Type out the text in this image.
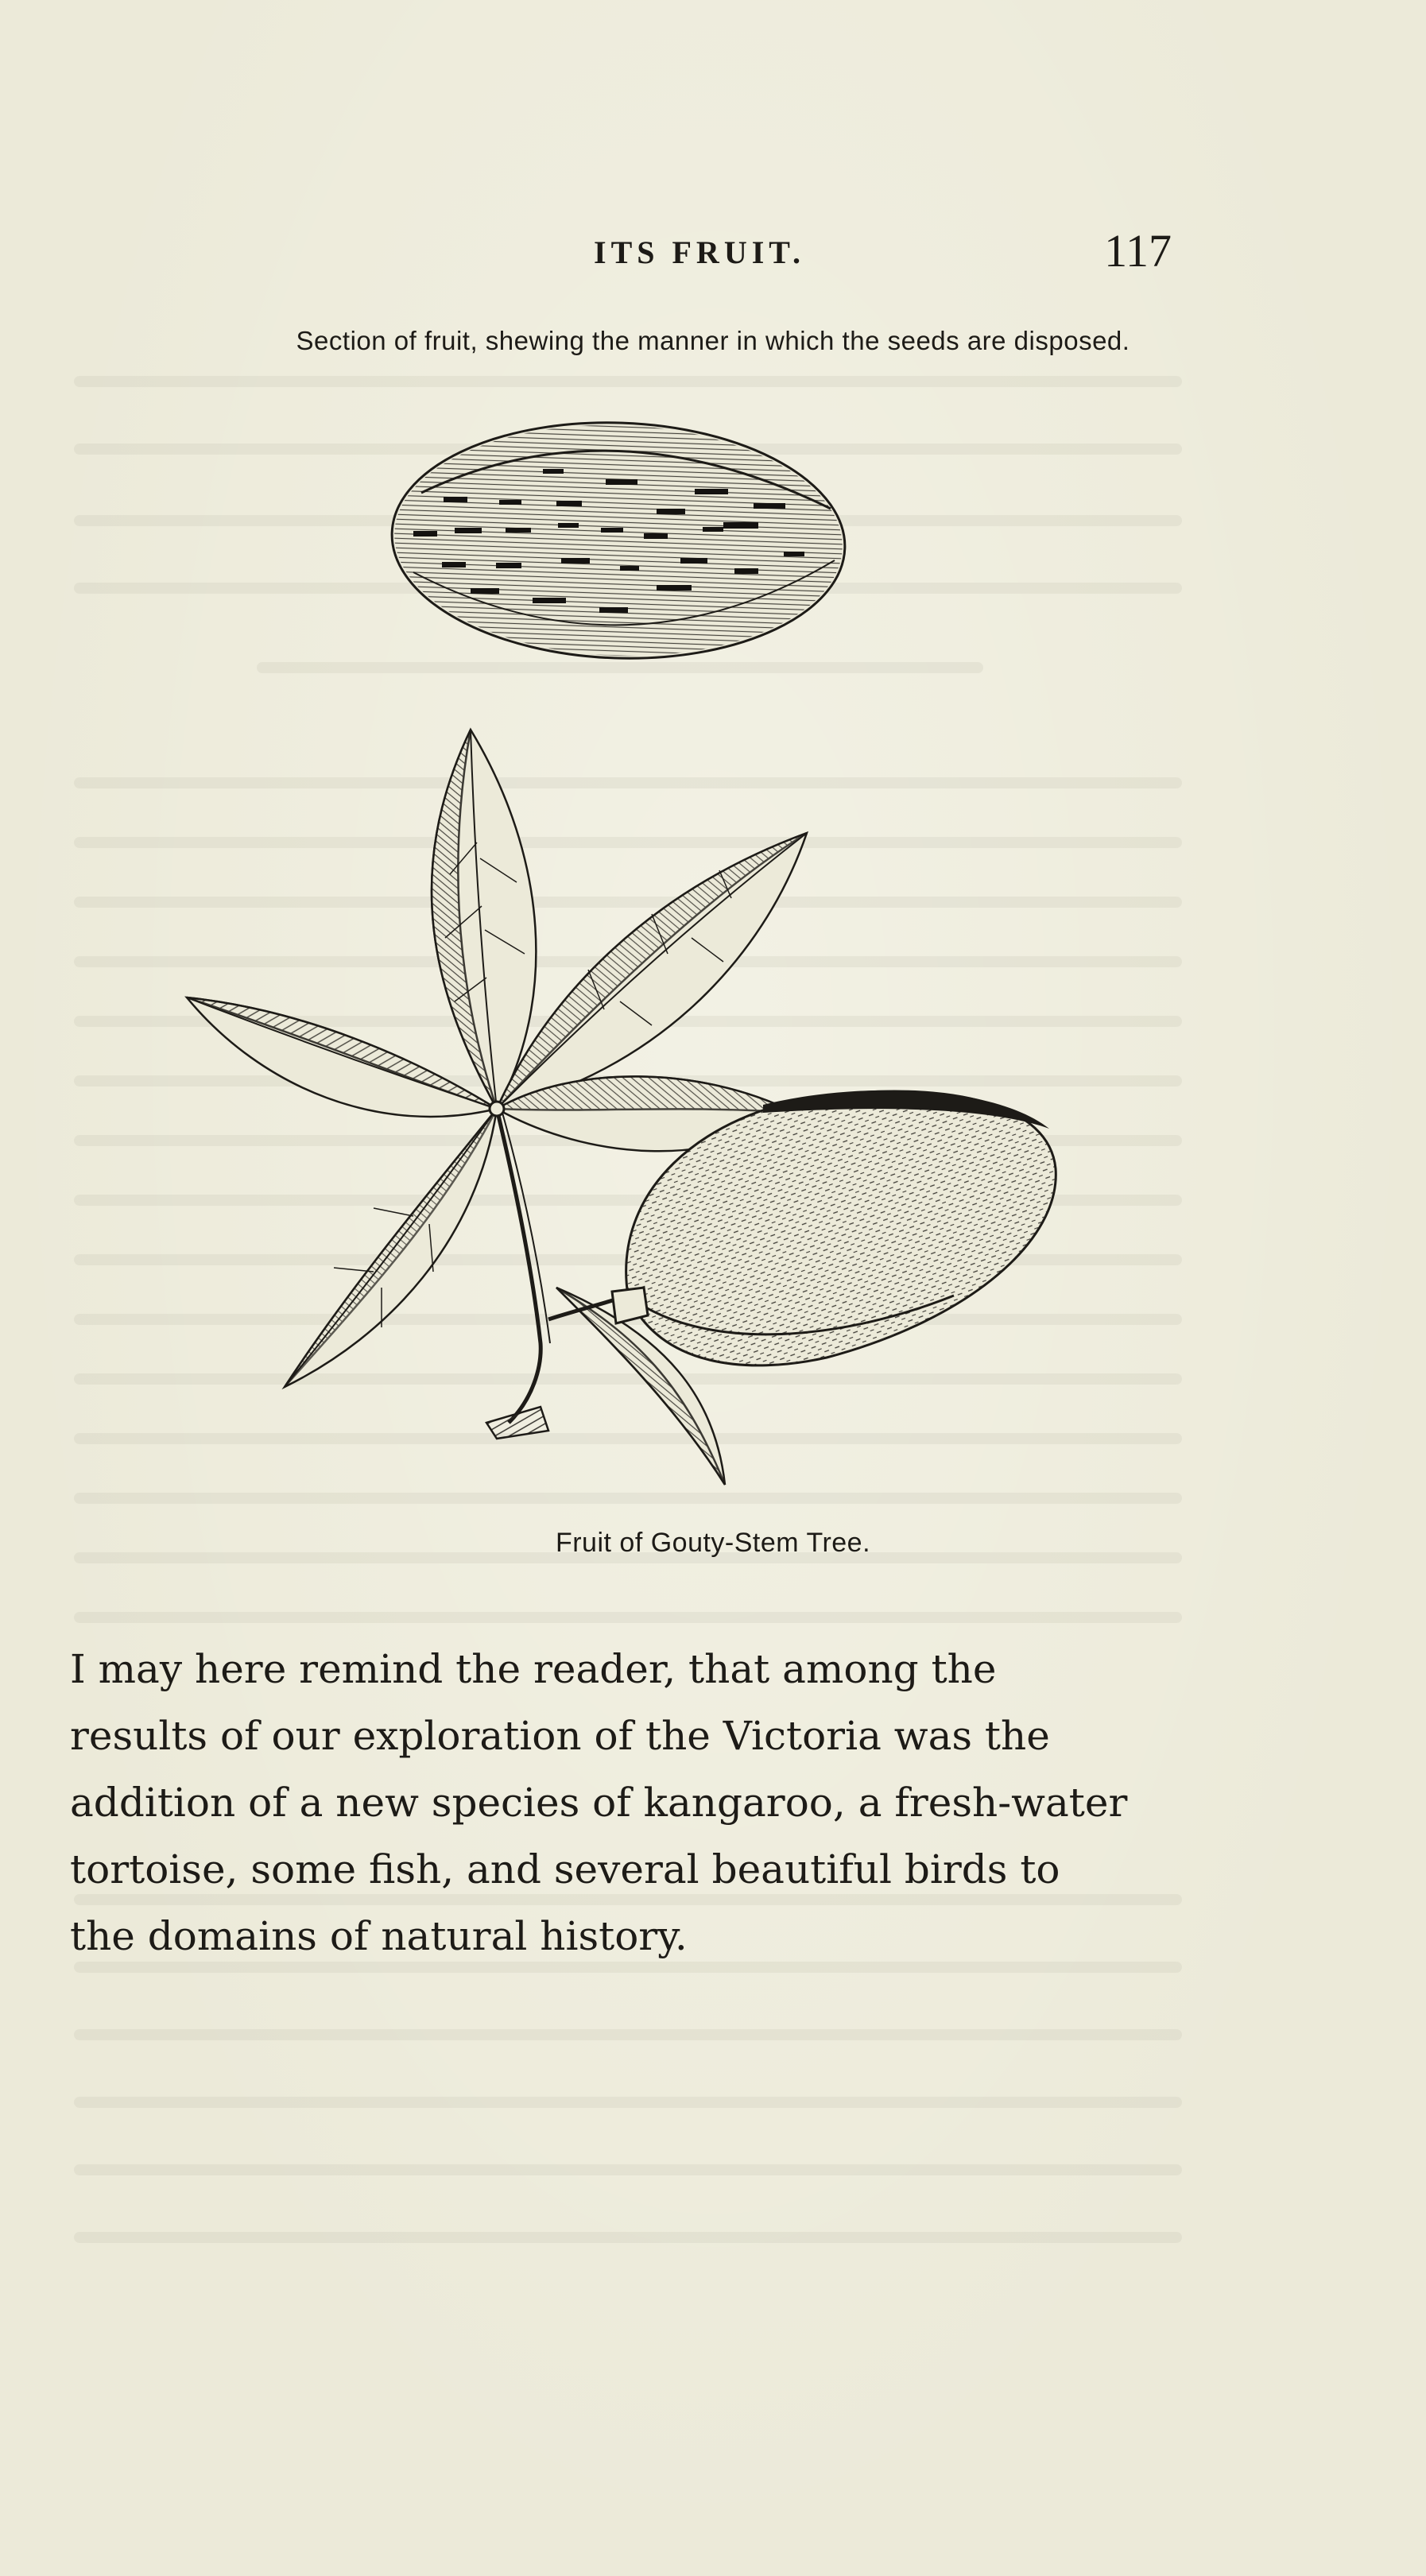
ITS FRUIT.	117
Section of fruit, shewing the manner in which the seeds are disposed.
Fruit of Gouty-Stem Tree.
I may here remind the reader, that among the
results of our exploration of the Victoria was the
addition of a new species of kangaroo, a fresh-water
tortoise, some fish, and several beautiful birds to
the domains of natural history.
